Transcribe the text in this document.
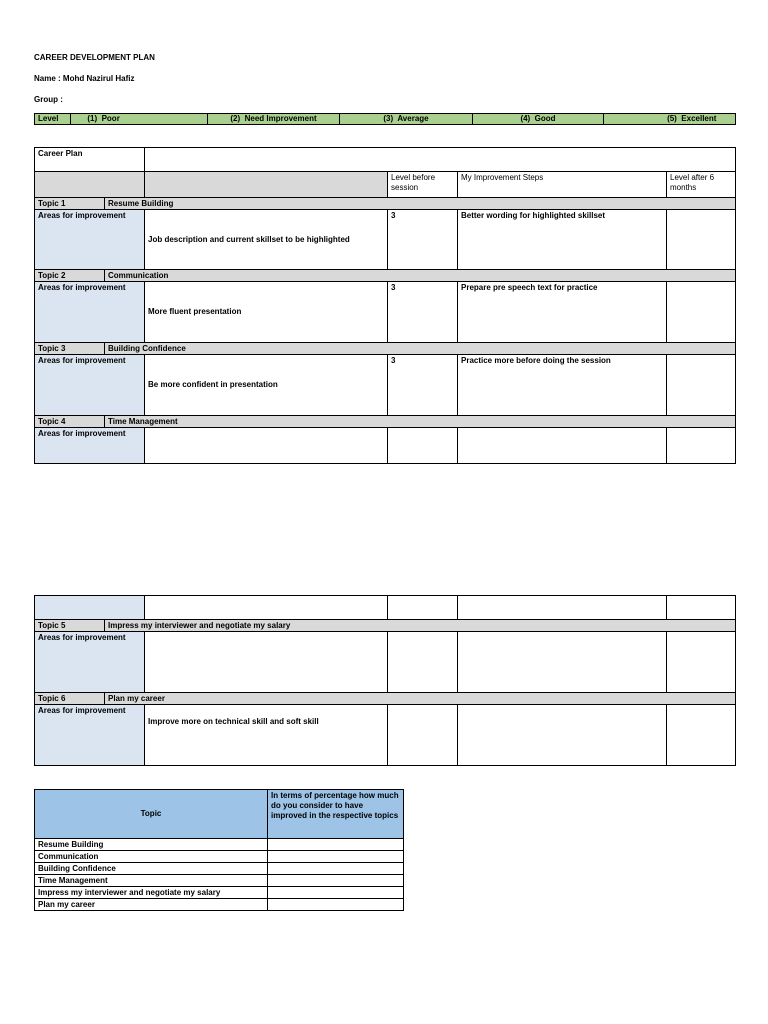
CAREER DEVELOPMENT PLAN
Name : Mohd Nazirul Hafiz
Group :
Level	(1) Poor	(2) Need Improvement	(3) Average	(4) Good	(5) Excellent
Career Plan					
			Level before session	My Improvement Steps	Level after 6 months
Topic 1	Resume Building				
Areas for improvement		Job description and current skillset to be highlighted	3	Better wording for highlighted skillset	
Topic 2	Communication				
Areas for improvement		More fluent presentation	3	Prepare pre speech text for practice	
Topic 3	Building Confidence				
Areas for improvement		Be more confident in presentation	3	Practice more before doing the session	
Topic 4	Time Management				
Areas for improvement					

Topic 5	Impress my interviewer and negotiate my salary				
Areas for improvement					
Topic 6	Plan my career				
Areas for improvement		Improve more on technical skill and soft skill			
Topic	In terms of percentage how much do you consider to have improved in the respective topics
Resume Building	
Communication	
Building Confidence	
Time Management	
Impress my interviewer and negotiate my salary	
Plan my career	
